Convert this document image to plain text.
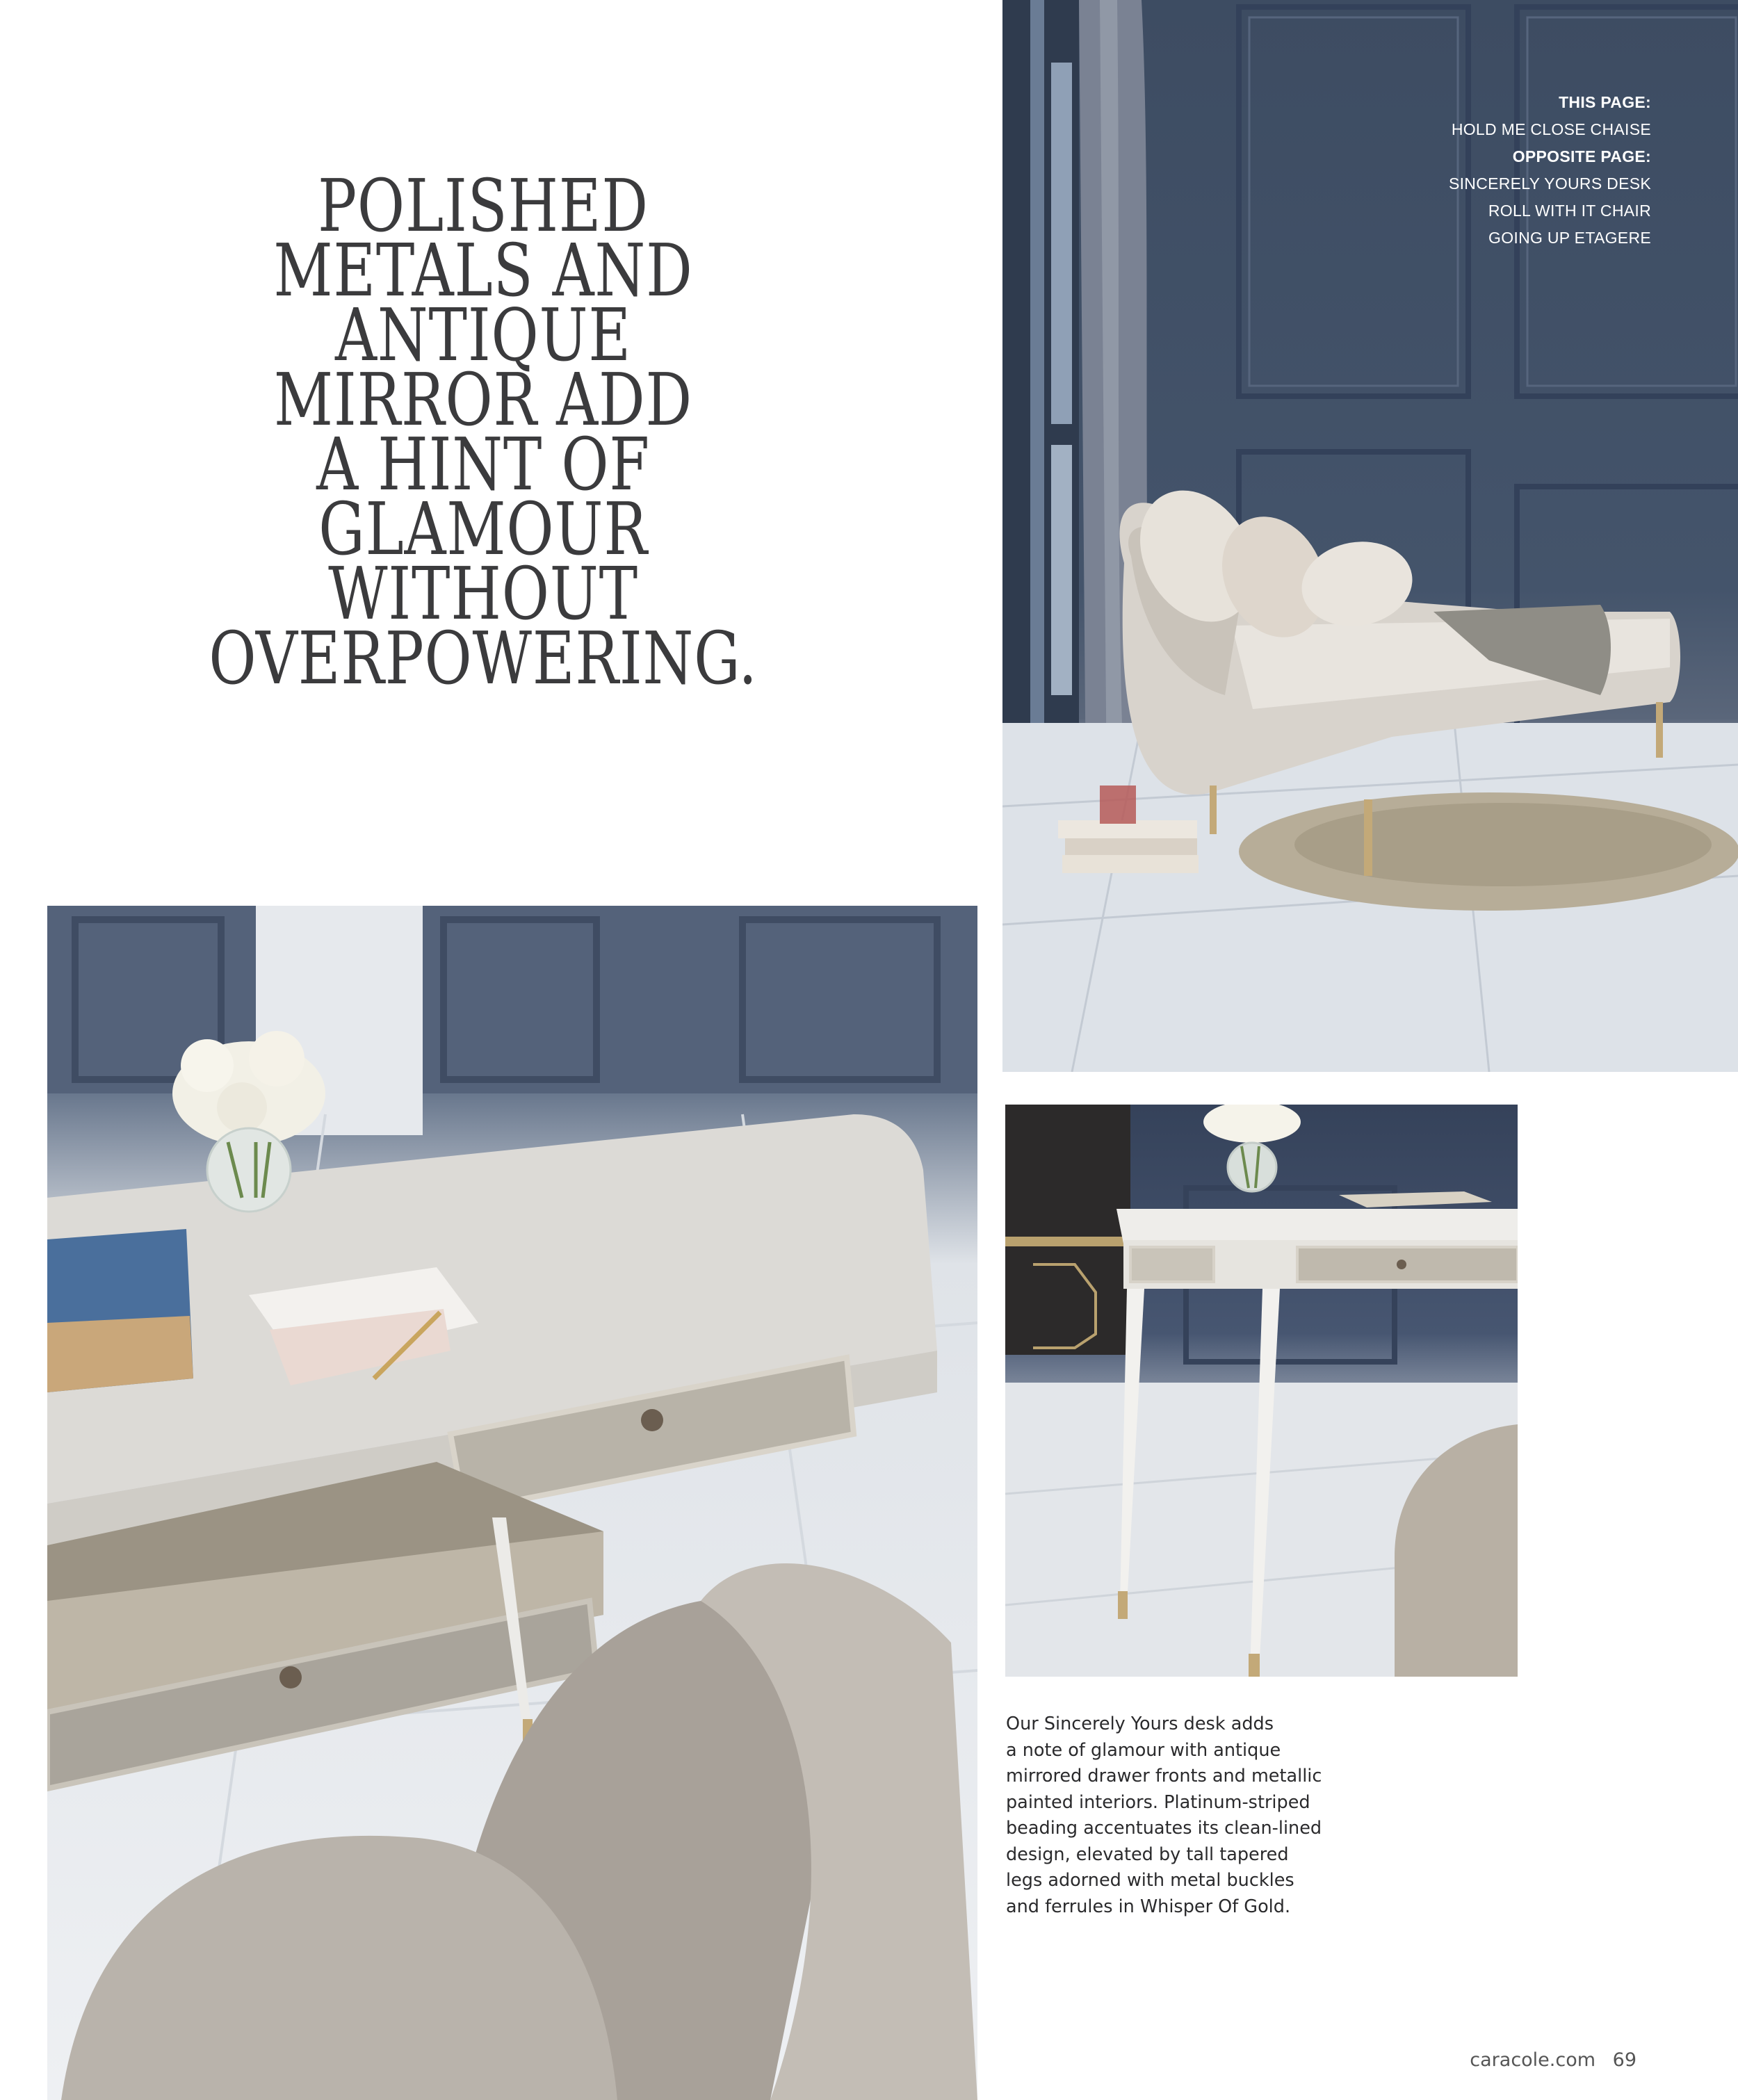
POLISHED
METALS AND
ANTIQUE
MIRROR ADD
A HINT OF
GLAMOUR
WITHOUT
OVERPOWERING.
THIS PAGE:
HOLD ME CLOSE CHAISE
OPPOSITE PAGE:
SINCERELY YOURS DESK
ROLL WITH IT CHAIR
GOING UP ETAGERE
Our Sincerely Yours desk adds
a note of glamour with antique
mirrored drawer fronts and metallic
painted interiors. Platinum-striped
beading accentuates its clean-lined
design, elevated by tall tapered
legs adorned with metal buckles
and ferrules in Whisper Of Gold.
caracole.com 69
